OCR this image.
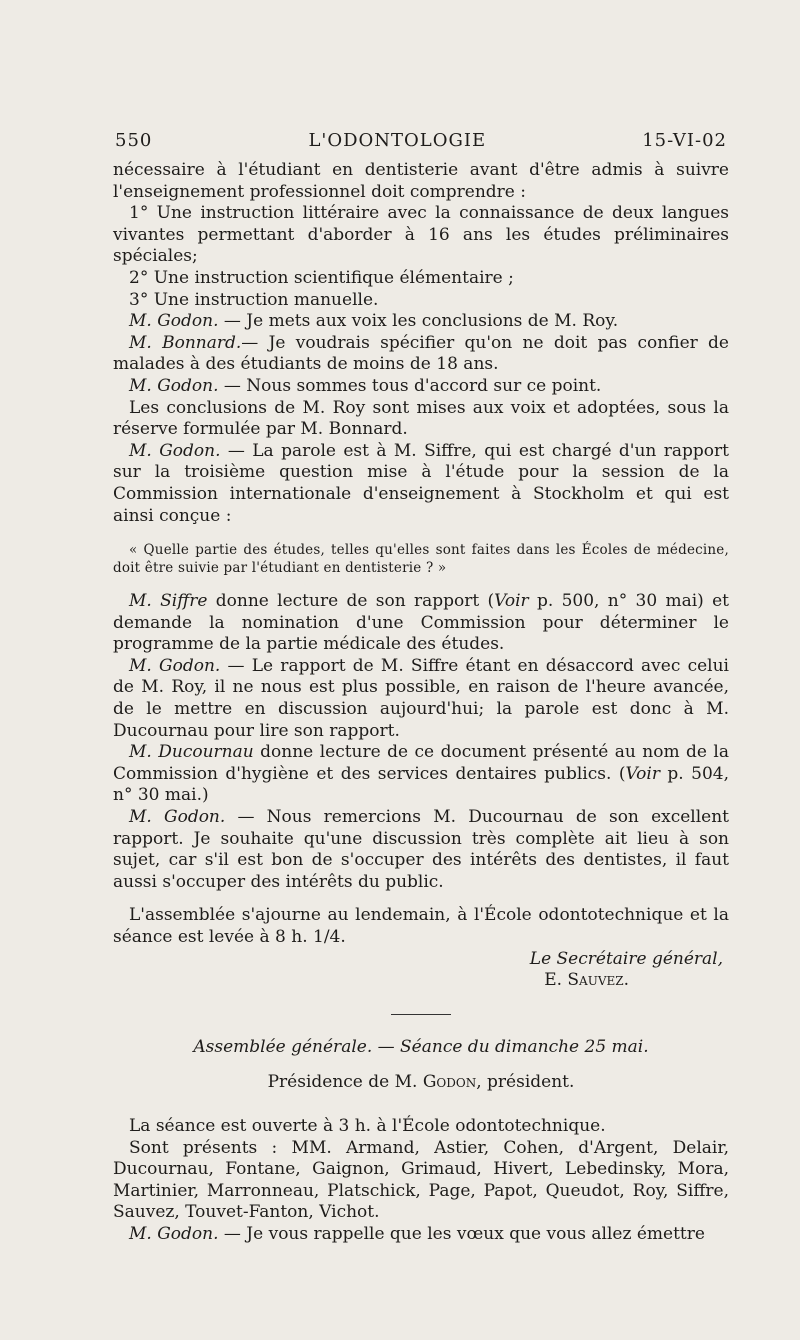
550	L'ODONTOLOGIE	15-VI-02

nécessaire à l'étudiant en dentisterie avant d'être admis à suivre l'enseignement professionnel doit comprendre :

1° Une instruction littéraire avec la connaissance de deux langues vivantes permettant d'aborder à 16 ans les études préliminaires spéciales;

2° Une instruction scientifique élémentaire ;

3° Une instruction manuelle.

M. Godon. — Je mets aux voix les conclusions de M. Roy.

M. Bonnard.— Je voudrais spécifier qu'on ne doit pas confier de malades à des étudiants de moins de 18 ans.

M. Godon. — Nous sommes tous d'accord sur ce point.

Les conclusions de M. Roy sont mises aux voix et adoptées, sous la réserve formulée par M. Bonnard.

M. Godon. — La parole est à M. Siffre, qui est chargé d'un rapport sur la troisième question mise à l'étude pour la session de la Commission internationale d'enseignement à Stockholm et qui est ainsi conçue :

« Quelle partie des études, telles qu'elles sont faites dans les Écoles de médecine, doit être suivie par l'étudiant en dentisterie ? »

M. Siffre donne lecture de son rapport (Voir p. 500, n° 30 mai) et demande la nomination d'une Commission pour déterminer le programme de la partie médicale des études.

M. Godon. — Le rapport de M. Siffre étant en désaccord avec celui de M. Roy, il ne nous est plus possible, en raison de l'heure avancée, de le mettre en discussion aujourd'hui; la parole est donc à M. Ducournau pour lire son rapport.

M. Ducournau donne lecture de ce document présenté au nom de la Commission d'hygiène et des services dentaires publics. (Voir p. 504, n° 30 mai.)

M. Godon. — Nous remercions M. Ducournau de son excellent rapport. Je souhaite qu'une discussion très complète ait lieu à son sujet, car s'il est bon de s'occuper des intérêts des dentistes, il faut aussi s'occuper des intérêts du public.

L'assemblée s'ajourne au lendemain, à l'École odontotechnique et la séance est levée à 8 h. 1/4.

Le Secrétaire général,

E. Sauvez.

Assemblée générale. — Séance du dimanche 25 mai.

Présidence de M. Godon, président.

La séance est ouverte à 3 h. à l'École odontotechnique.

Sont présents : MM. Armand, Astier, Cohen, d'Argent, Delair, Ducournau, Fontane, Gaignon, Grimaud, Hivert, Lebedinsky, Mora, Martinier, Marronneau, Platschick, Page, Papot, Queudot, Roy, Siffre, Sauvez, Touvet-Fanton, Vichot.

M. Godon. — Je vous rappelle que les vœux que vous allez émettre
